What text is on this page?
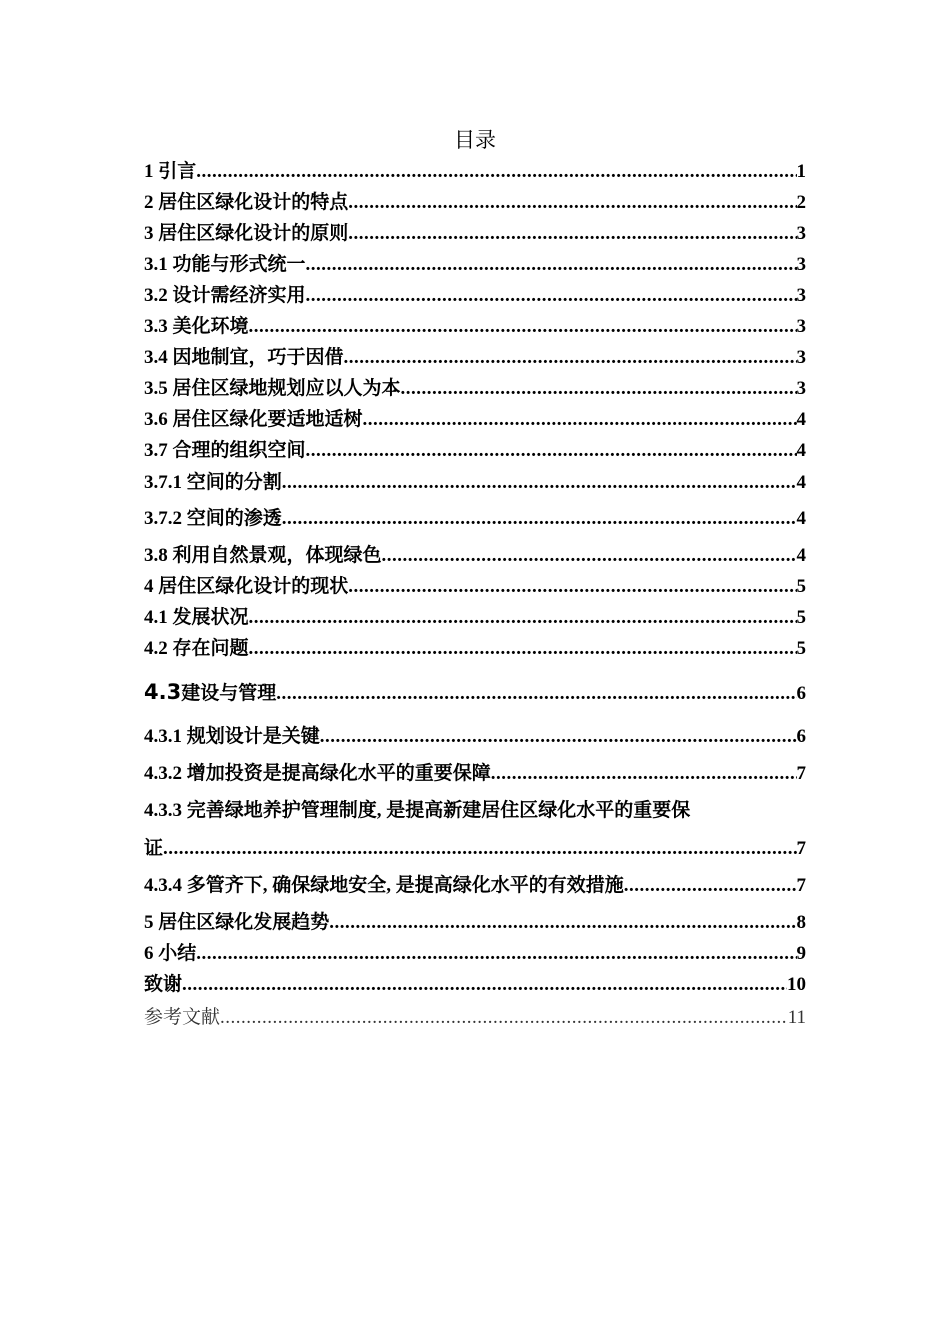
目录
1 引言 .....	1
2 居住区绿化设计的特点 .....	2
3 居住区绿化设计的原则 .....	3
3.1 功能与形式统一 .....	3
3.2 设计需经济实用 .....	3
3.3 美化环境 .....	3
3.4 因地制宜，巧于因借 .....	3
3.5 居住区绿地规划应以人为本 .....	3
3.6 居住区绿化要适地适树 .....	4
3.7 合理的组织空间 .....	4
3.7.1 空间的分割 .....	4
3.7.2 空间的渗透 .....	4
3.8 利用自然景观，体现绿色 .....	4
4 居住区绿化设计的现状 .....	5
4.1 发展状况 .....	5
4.2 存在问题 .....	5
4.3 建设与管理 .....	6
4.3.1 规划设计是关键 .....	6
4.3.2 增加投资是提高绿化水平的重要保障 .....	7
4.3.3 完善绿地养护管理制度, 是提高新建居住区绿化水平的重要保
证 .....	7
4.3.4 多管齐下, 确保绿地安全, 是提高绿化水平的有效措施 .....	7
5 居住区绿化发展趋势 .....	8
6 小结 .....	9
致谢 .....	10
参考文献 .....	11
